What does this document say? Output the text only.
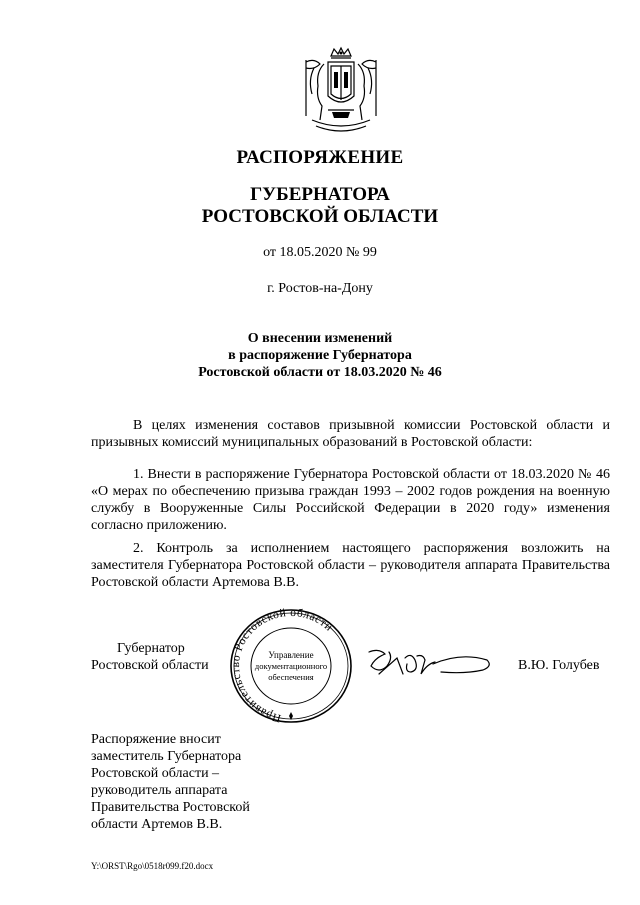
РАСПОРЯЖЕНИЕ
ГУБЕРНАТОРА
РОСТОВСКОЙ ОБЛАСТИ
от 18.05.2020 № 99
г. Ростов-на-Дону
О внесении изменений
в распоряжение Губернатора
Ростовской области от 18.03.2020 № 46
В целях изменения составов призывной комиссии Ростовской области и призывных комиссий муниципальных образований в Ростовской области:
1. Внести в распоряжение Губернатора Ростовской области от 18.03.2020 № 46 «О мерах по обеспечению призыва граждан 1993 – 2002 годов рождения на военную службу в Вооруженные Силы Российской Федерации в 2020 году» изменения согласно приложению.
2. Контроль за исполнением настоящего распоряжения возложить на заместителя Губернатора Ростовской области – руководителя аппарата Правительства Ростовской области Артемова В.В.
Губернатор
Ростовской области
Правительство Ростовской области
Управление
документационного
обеспечения
В.Ю. Голубев
Распоряжение вносит
заместитель Губернатора
Ростовской области –
руководитель аппарата
Правительства Ростовской
области Артемов В.В.
Y:\ORST\Rgo\0518r099.f20.docx
